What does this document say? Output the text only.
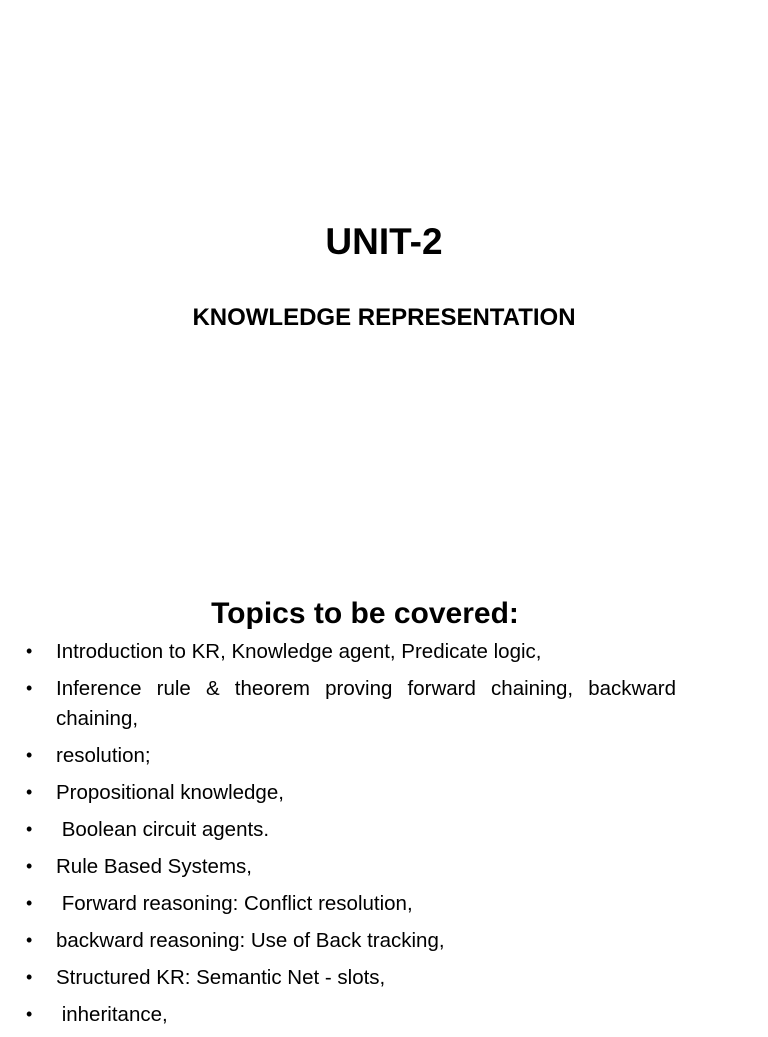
UNIT-2
KNOWLEDGE REPRESENTATION
Topics to be covered:
• Introduction to KR, Knowledge agent, Predicate logic,
• Inference rule & theorem proving forward chaining, backward chaining,
• resolution;
• Propositional knowledge,
• Boolean circuit agents.
• Rule Based Systems,
• Forward reasoning: Conflict resolution,
• backward reasoning: Use of Back tracking,
• Structured KR: Semantic Net - slots,
• inheritance,
